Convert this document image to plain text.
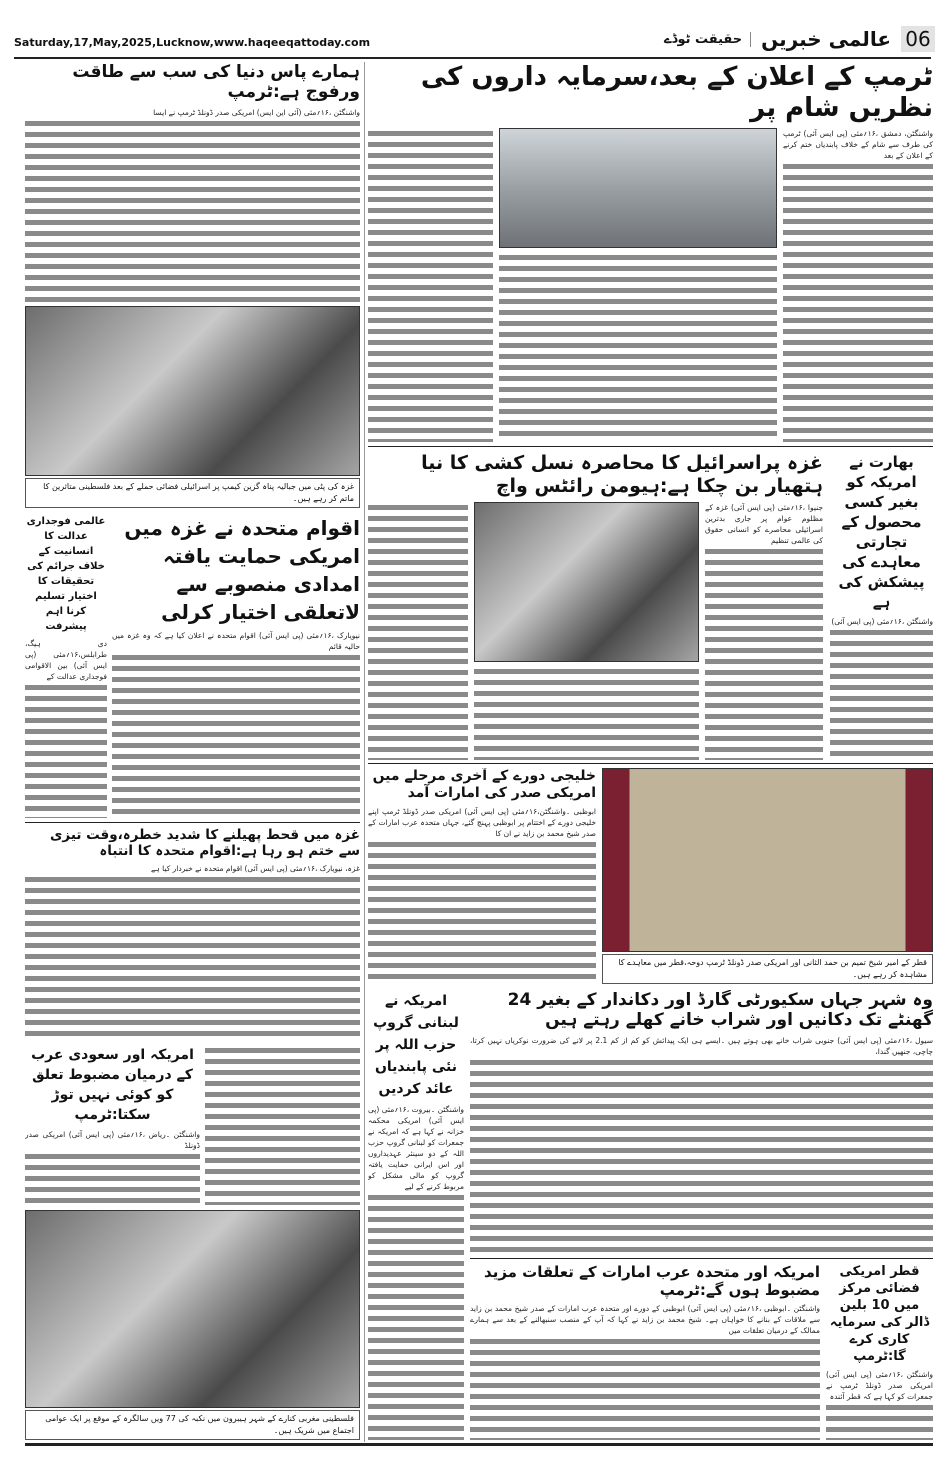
Saturday,17,May,2025,Lucknow,www.haqeeqattoday.com	06
عالمی خبریں
حقیقت ٹوڈے
ہمارے پاس دنیا کی سب سے طاقت ورفوج ہے:ٹرمپ
واشنگٹن ،۱۶؍مئی (آئی این ایس) امریکی صدر ڈونلڈ ٹرمپ نے ایسا
غزہ کی پٹی میں جبالیہ پناہ گزین کیمپ پر اسرائیلی فضائی حملے کے بعد فلسطینی متاثرین کا ماتم کر رہے ہیں۔
ٹرمپ کے اعلان کے بعد،سرمایہ داروں کی نظریں شام پر
واشنگٹن، دمشق ،۱۶؍مئی (پی ایس آئی) ٹرمپ کی طرف سے شام کے خلاف پابندیاں ختم کرنے کے اعلان کے بعد
غزہ پراسرائیل کا محاصرہ نسل کشی کا نیا ہتھیار بن چکا ہے:ہیومن رائٹس واچ
جنیوا ،۱۶؍مئی (پی ایس آئی) غزہ کے مظلوم عوام پر جاری بدترین اسرائیلی محاصرے کو انسانی حقوق کی عالمی تنظیم
بھارت نے امریکہ کو بغیر کسی محصول کے تجارتی معاہدے کی پیشکش کی ہے
واشنگٹن ،۱۶؍مئی (پی ایس آئی)
خلیجی دورے کے آخری مرحلے میں امریکی صدر کی امارات آمد
ابوظبی ۔واشنگٹن،۱۶؍مئی (پی ایس آئی) امریکی صدر ڈونلڈ ٹرمپ اپنے خلیجی دورے کے اختتام پر ابوظبی پہنچ گئے، جہاں متحدہ عرب امارات کے صدر شیخ محمد بن زاید نے ان کا
قطر کے امیر شیخ تمیم بن حمد الثانی اور امریکی صدر ڈونلڈ ٹرمپ دوحہ،قطر میں معاہدے کا مشاہدہ کر رہے ہیں۔
اقوام متحدہ نے غزہ میں امریکی حمایت یافتہ امدادی منصوبے سے لاتعلقی اختیار کرلی
نیویارک ،۱۶؍مئی (پی ایس آئی) اقوام متحدہ نے اعلان کیا ہے کہ وہ غزہ میں حالیہ قائم
عالمی فوجداری عدالت کا انسانیت کے خلاف جرائم کی تحقیقات کا اختیار تسلیم کرنا اہم پیشرفت
دی ہیگ، طرابلس،۱۶؍مئی (پی ایس آئی) بین الاقوامی فوجداری عدالت کے
غزہ میں قحط پھیلنے کا شدید خطرہ،وقت تیزی سے ختم ہو رہا ہے:اقوام متحدہ کا انتباہ
غزہ، نیویارک ،۱۶؍مئی (پی ایس آئی) اقوام متحدہ نے خبردار کیا ہے
امریکہ اور سعودی عرب کے درمیان مضبوط تعلق کو کوئی نہیں توڑ سکتا:ٹرمپ
واشنگٹن ۔ریاض ،۱۶؍مئی (پی ایس آئی) امریکی صدر ڈونلڈ
فلسطینی مغربی کنارے کے شہر ہیبرون میں نکبہ کی 77 ویں سالگرہ کے موقع پر ایک عوامی اجتماع میں شریک ہیں۔
امریکہ نے لبنانی گروپ حزب اللہ پر نئی پابندیاں عائد کردیں
واشنگٹن ۔بیروت ،۱۶؍مئی (پی ایس آئی) امریکی محکمہ خزانہ نے کہا ہے کہ امریکہ نے جمعرات کو لبنانی گروپ حزب اللہ کے دو سینئر عہدیداروں اور اس ایرانی حمایت یافتہ گروپ کو مالی مشکل کو مربوط کرنے کے لیے
وہ شہر جہاں سکیورٹی گارڈ اور دکاندار کے بغیر 24 گھنٹے تک دکانیں اور شراب خانے کھلے رہتے ہیں
سیول ،۱۶؍مئی (پی ایس آئی) جنوبی شراب خانے بھی ہوتے ہیں ۔ایسے ہی ایک پیدائش کو کم از کم 2.1 پر لانے کی ضرورت نوکریاں نہیں کرتا، چاچی، جنھیں گندا،
امریکہ اور متحدہ عرب امارات کے تعلقات مزید مضبوط ہوں گے:ٹرمپ
واشنگٹن ۔ابوظبی ،۱۶؍مئی (پی ایس آئی) ابوظبی کے دورے اور متحدہ عرب امارات کے صدر شیخ محمد بن زاید سے ملاقات کے بنانے کا خواہاں ہے۔ شیخ محمد بن زاید نے کہا کہ آپ کے منصب سنبھالنے کے بعد سے ہمارے ممالک کے درمیان تعلقات میں
قطر امریکی فضائی مرکز میں 10 بلین ڈالر کی سرمایہ کاری کرے گا:ٹرمپ
واشنگٹن ،۱۶؍مئی (پی ایس آئی) امریکی صدر ڈونلڈ ٹرمپ نے جمعرات کو کہا ہے کہ قطر آئندہ
